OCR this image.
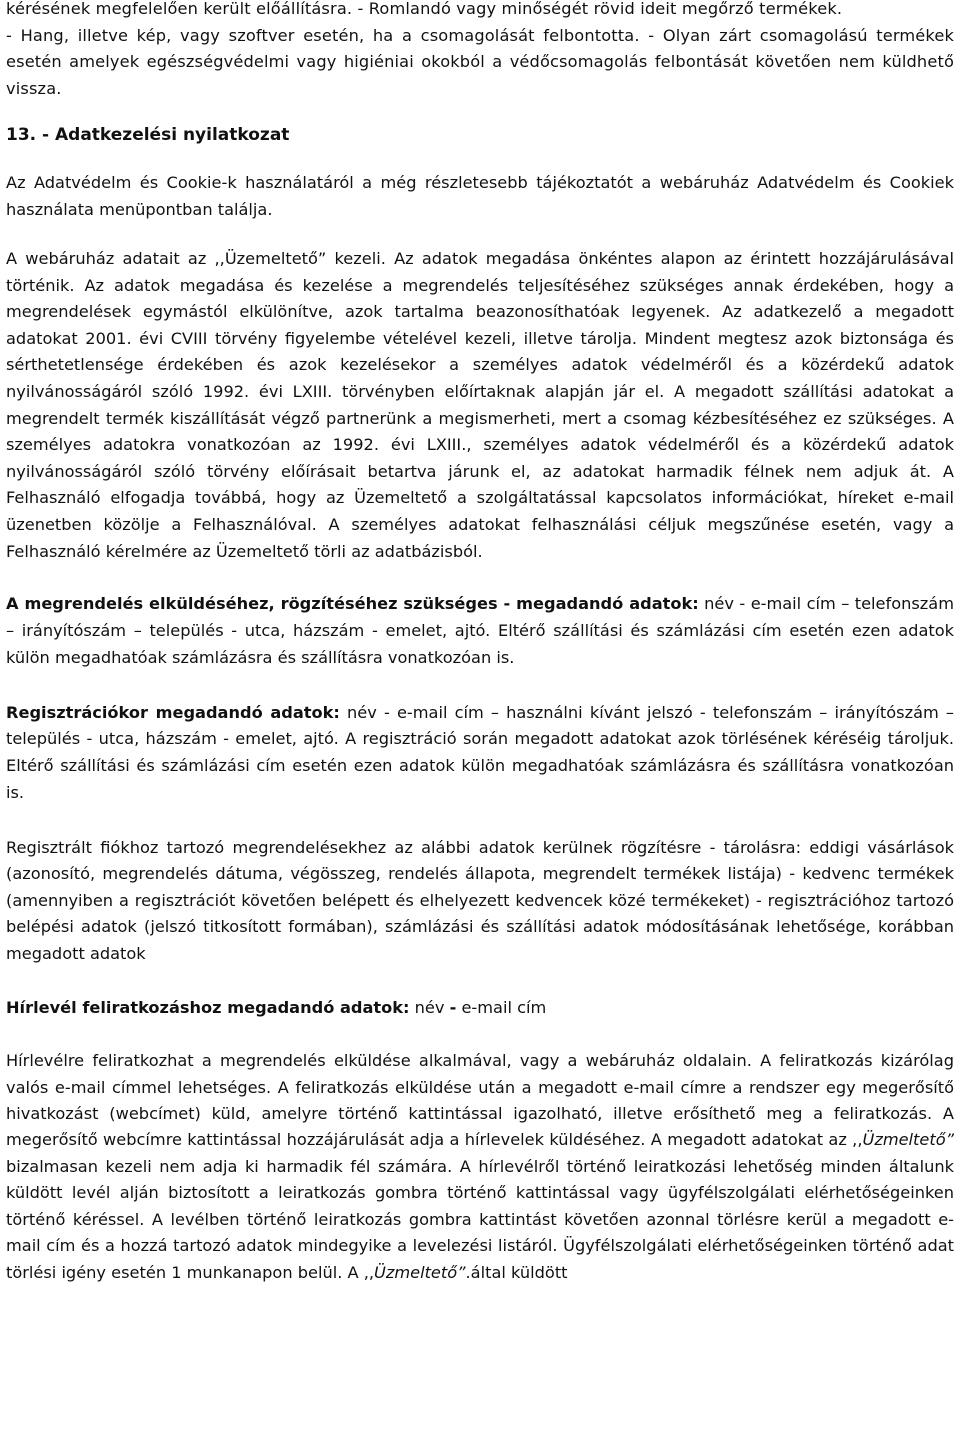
kérésének megfelelően került előállításra. - Romlandó vagy minőségét rövid ideit megőrző termékek.
- Hang, illetve kép, vagy szoftver esetén, ha a csomagolását felbontotta. - Olyan zárt csomagolású termékek esetén amelyek egészségvédelmi vagy higiéniai okokból a védőcsomagolás felbontását követően nem küldhető vissza.

13. - Adatkezelési nyilatkozat

Az Adatvédelm és Cookie-k használatáról a még részletesebb tájékoztatót a webáruház Adatvédelm és Cookiek használata menüpontban találja.

A webáruház adatait az ,,Üzemeltető” kezeli. Az adatok megadása önkéntes alapon az érintett hozzájárulásával történik. Az adatok megadása és kezelése a megrendelés teljesítéséhez szükséges annak érdekében, hogy a megrendelések egymástól elkülönítve, azok tartalma beazonosíthatóak legyenek. Az adatkezelő a megadott adatokat 2001. évi CVIII törvény figyelembe vételével kezeli, illetve tárolja. Mindent megtesz azok biztonsága és sérthetetlensége érdekében és azok kezelésekor a személyes adatok védelméről és a közérdekű adatok nyilvánosságáról szóló 1992. évi LXIII. törvényben előírtaknak alapján jár el. A megadott szállítási adatokat a megrendelt termék kiszállítását végző partnerünk a megismerheti, mert a csomag kézbesítéséhez ez szükséges. A személyes adatokra vonatkozóan az 1992. évi LXIII., személyes adatok védelméről és a közérdekű adatok nyilvánosságáról szóló törvény előírásait betartva járunk el, az adatokat harmadik félnek nem adjuk át. A Felhasználó elfogadja továbbá, hogy az Üzemeltető a szolgáltatással kapcsolatos információkat, híreket e-mail üzenetben közölje a Felhasználóval. A személyes adatokat felhasználási céljuk megszűnése esetén, vagy a Felhasználó kérelmére az Üzemeltető törli az adatbázisból.

A megrendelés elküldéséhez, rögzítéséhez szükséges - megadandó adatok: név - e-mail cím – telefonszám – irányítószám – település - utca, házszám - emelet, ajtó. Eltérő szállítási és számlázási cím esetén ezen adatok külön megadhatóak számlázásra és szállításra vonatkozóan is.

Regisztrációkor megadandó adatok: név - e-mail cím – használni kívánt jelszó - telefonszám – irányítószám – település - utca, házszám - emelet, ajtó. A regisztráció során megadott adatokat azok törlésének kéréséig tároljuk. Eltérő szállítási és számlázási cím esetén ezen adatok külön megadhatóak számlázásra és szállításra vonatkozóan is.

Regisztrált fiókhoz tartozó megrendelésekhez az alábbi adatok kerülnek rögzítésre - tárolásra: eddigi vásárlások (azonosító, megrendelés dátuma, végösszeg, rendelés állapota, megrendelt termékek listája) - kedvenc termékek (amennyiben a regisztrációt követően belépett és elhelyezett kedvencek közé termékeket) - regisztrációhoz tartozó belépési adatok (jelszó titkosított formában), számlázási és szállítási adatok módosításának lehetősége, korábban megadott adatok

Hírlevél feliratkozáshoz megadandó adatok: név - e-mail cím

Hírlevélre feliratkozhat a megrendelés elküldése alkalmával, vagy a webáruház oldalain. A feliratkozás kizárólag valós e-mail címmel lehetséges. A feliratkozás elküldése után a megadott e-mail címre a rendszer egy megerősítő hivatkozást (webcímet) küld, amelyre történő kattintással igazolható, illetve erősíthető meg a feliratkozás. A megerősítő webcímre kattintással hozzájárulását adja a hírlevelek küldéséhez. A megadott adatokat az ,,Üzmeltető” bizalmasan kezeli nem adja ki harmadik fél számára. A hírlevélről történő leiratkozási lehetőség minden általunk küldött levél alján biztosított a leiratkozás gombra történő kattintással vagy ügyfélszolgálati elérhetőségeinken történő kéréssel. A levélben történő leiratkozás gombra kattintást követően azonnal törlésre kerül a megadott e-mail cím és a hozzá tartozó adatok mindegyike a levelezési listáról. Ügyfélszolgálati elérhetőségeinken történő adat törlési igény esetén 1 munkanapon belül. A ,,Üzmeltető”.által küldött
